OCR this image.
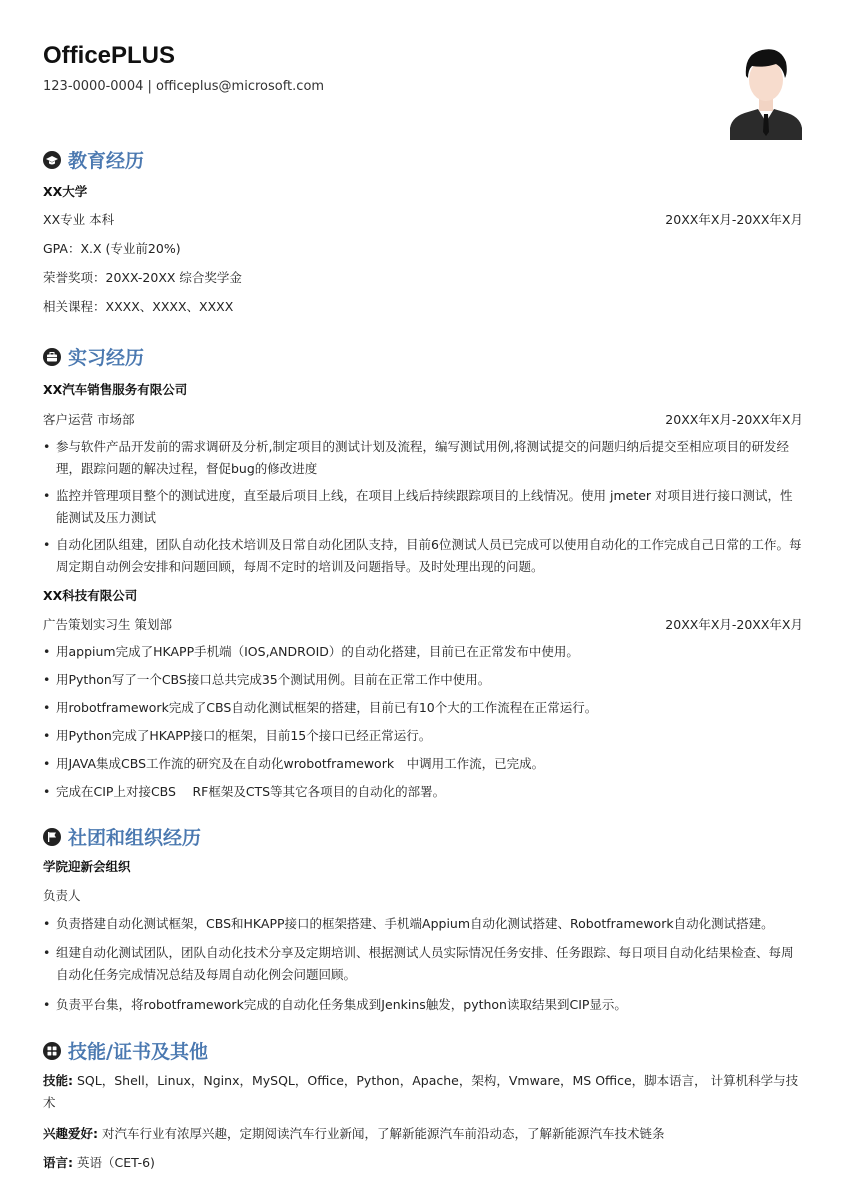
OfficePLUS
123-0000-0004 | officeplus@microsoft.com
教育经历
XX大学
XX专业 本科	20XX年X月-20XX年X月
GPA：X.X (专业前20%)
荣誉奖项：20XX-20XX 综合奖学金
相关课程：XXXX、XXXX、XXXX
实习经历
XX汽车销售服务有限公司
客户运营 市场部	20XX年X月-20XX年X月
• 参与软件产品开发前的需求调研及分析,制定项目的测试计划及流程，编写测试用例,将测试提交的问题归纳后提交至相应项目的研发经理，跟踪问题的解决过程，督促bug的修改进度
• 监控并管理项目整个的测试进度，直至最后项目上线，在项目上线后持续跟踪项目的上线情况。使用 jmeter 对项目进行接口测试，性能测试及压力测试
• 自动化团队组建，团队自动化技术培训及日常自动化团队支持，目前6位测试人员已完成可以使用自动化的工作完成自己日常的工作。每周定期自动例会安排和问题回顾，每周不定时的培训及问题指导。及时处理出现的问题。
XX科技有限公司
广告策划实习生 策划部	20XX年X月-20XX年X月
• 用appium完成了HKAPP手机端（IOS,ANDROID）的自动化搭建，目前已在正常发布中使用。
• 用Python写了一个CBS接口总共完成35个测试用例。目前在正常工作中使用。
• 用robotframework完成了CBS自动化测试框架的搭建，目前已有10个大的工作流程在正常运行。
• 用Python完成了HKAPP接口的框架，目前15个接口已经正常运行。
• 用JAVA集成CBS工作流的研究及在自动化wrobotframework　中调用工作流，已完成。
• 完成在CIP上对接CBS　 RF框架及CTS等其它各项目的自动化的部署。
社团和组织经历
学院迎新会组织
负责人
• 负责搭建自动化测试框架，CBS和HKAPP接口的框架搭建、手机端Appium自动化测试搭建、Robotframework自动化测试搭建。
• 组建自动化测试团队，团队自动化技术分享及定期培训、根据测试人员实际情况任务安排、任务跟踪、每日项目自动化结果检查、每周自动化任务完成情况总结及每周自动化例会问题回顾。
• 负责平台集，将robotframework完成的自动化任务集成到Jenkins触发，python读取结果到CIP显示。
技能/证书及其他
技能: SQL，Shell，Linux，Nginx，MySQL，Office，Python，Apache，架构，Vmware，MS Office，脚本语言， 计算机科学与技术
兴趣爱好: 对汽车行业有浓厚兴趣，定期阅读汽车行业新闻，了解新能源汽车前沿动态，了解新能源汽车技术链条
语言: 英语（CET-6)
